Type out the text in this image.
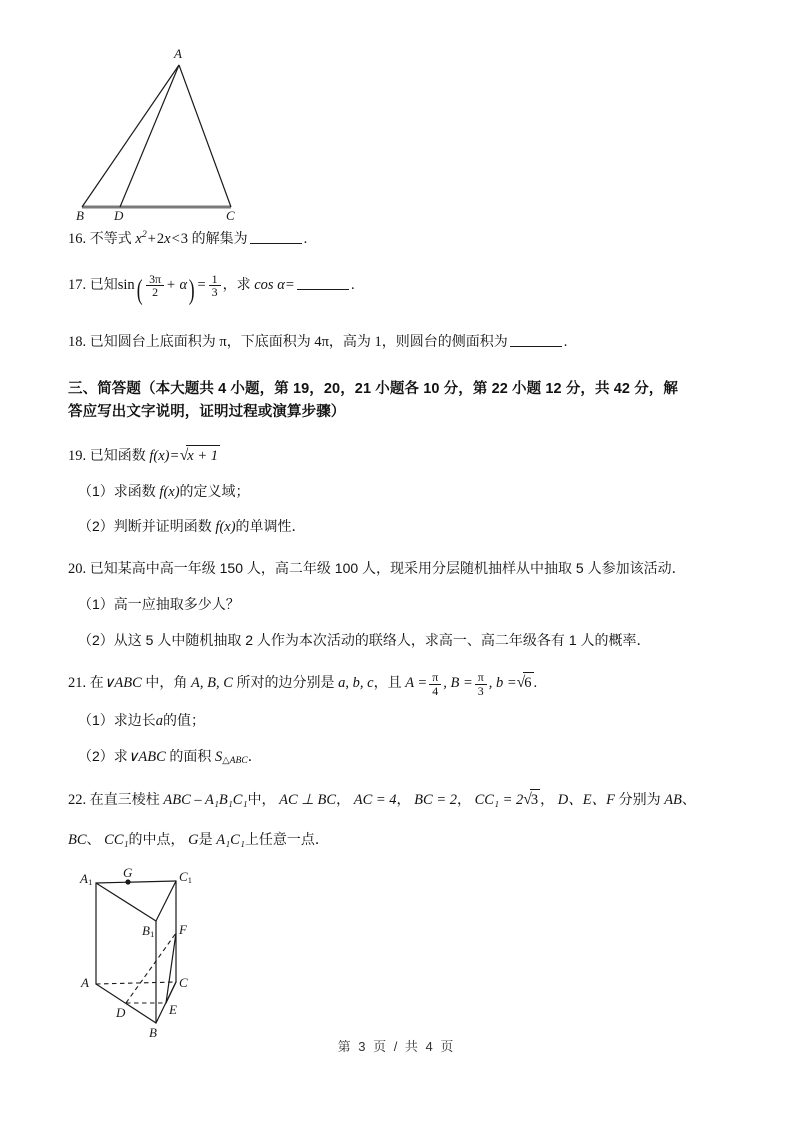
A
B D	C

16. 不等式 $x^2+2x<3$ 的解集为	.

17. 已知$\sin( \frac{3\pi}{2} + \alpha) = \frac{1}{3}$ ，求 cos α=	.

18. 已知圆台上底面积为 π，下底面积为 4π，高为 1，则圆台的侧面积为	.

三、简答题（本大题共 4 小题，第 19，20，21 小题各 10 分，第 22 小题 12 分，共 42 分，解

答应写出文字说明，证明过程或演算步骤）

19. 已知函数 f(x)=√x + 1

（1）求函数 f(x)的定义域；

（2）判断并证明函数 f(x)的单调性．

20. 已知某高中高一年级 150 人，高二年级 100 人，现采用分层随机抽样从中抽取 5 人参加该活动．

（1）高一应抽取多少人？

（2）从这 5 人中随机抽取 2 人作为本次活动的联络人，求高一、高二年级各有 1 人的概率．

21. 在∨ABC 中，角 A, B, C 所对的边分别是 a, b, c，且 $A = \frac{\pi}{4}$ , $B = \frac{\pi}{3}$ , b =√6 .

（1）求边长a的值；

（2）求∨ABC 的面积 $S_{\triangle ABC}$．

22. 在直三棱柱 ABC – A₁B₁C₁中， AC ⊥ BC， AC = 4， BC = 2， CC₁ = 2√3 ， D、E、F 分别为 AB、

BC、 CC₁的中点， G是 A₁C₁上任意一点．

A1
G	C1
B1 F
A	C
D	E
B
第 3 页 / 共 4 页
